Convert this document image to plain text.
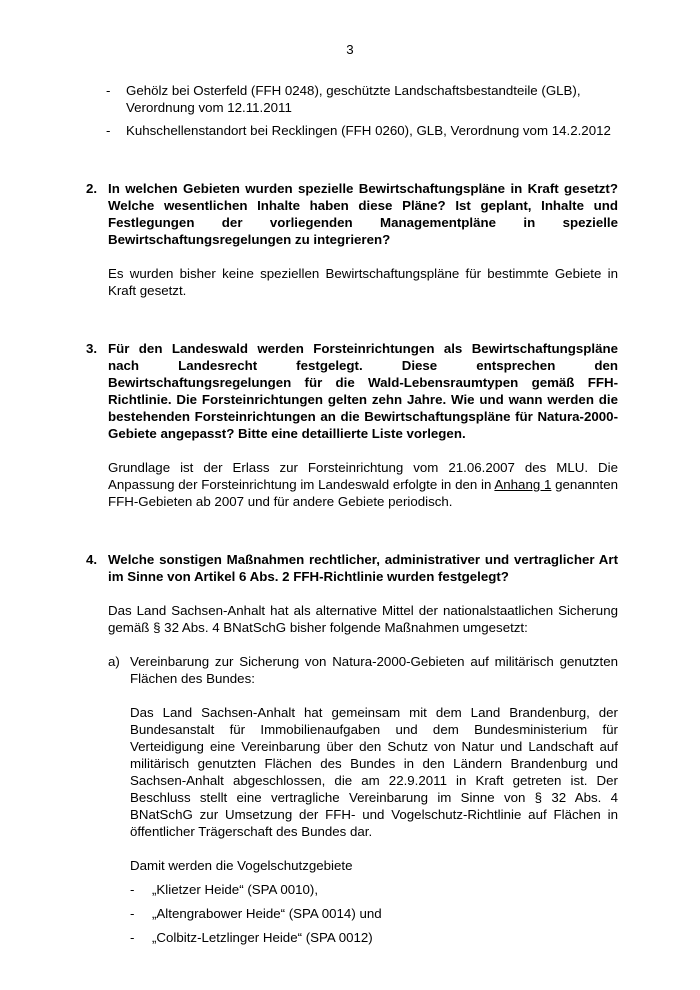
3
- Gehölz bei Osterfeld (FFH 0248), geschützte Landschaftsbestandteile (GLB), Verordnung vom 12.11.2011
- Kuhschellenstandort bei Recklingen (FFH 0260), GLB, Verordnung vom 14.2.2012
2. In welchen Gebieten wurden spezielle Bewirtschaftungspläne in Kraft gesetzt? Welche wesentlichen Inhalte haben diese Pläne? Ist geplant, Inhalte und Festlegungen der vorliegenden Managementpläne in spezielle Bewirtschaftungsregelungen zu integrieren?
Es wurden bisher keine speziellen Bewirtschaftungspläne für bestimmte Gebiete in Kraft gesetzt.
3. Für den Landeswald werden Forsteinrichtungen als Bewirtschaftungspläne nach Landesrecht festgelegt. Diese entsprechen den Bewirtschaftungsregelungen für die Wald-Lebensraumtypen gemäß FFH-Richtlinie. Die Forsteinrichtungen gelten zehn Jahre. Wie und wann werden die bestehenden Forsteinrichtungen an die Bewirtschaftungspläne für Natura-2000-Gebiete angepasst? Bitte eine detaillierte Liste vorlegen.
Grundlage ist der Erlass zur Forsteinrichtung vom 21.06.2007 des MLU. Die Anpassung der Forsteinrichtung im Landeswald erfolgte in den in Anhang 1 genannten FFH-Gebieten ab 2007 und für andere Gebiete periodisch.
4. Welche sonstigen Maßnahmen rechtlicher, administrativer und vertraglicher Art im Sinne von Artikel 6 Abs. 2 FFH-Richtlinie wurden festgelegt?
Das Land Sachsen-Anhalt hat als alternative Mittel der nationalstaatlichen Sicherung gemäß § 32 Abs. 4 BNatSchG bisher folgende Maßnahmen umgesetzt:
a) Vereinbarung zur Sicherung von Natura-2000-Gebieten auf militärisch genutzten Flächen des Bundes:
Das Land Sachsen-Anhalt hat gemeinsam mit dem Land Brandenburg, der Bundesanstalt für Immobilienaufgaben und dem Bundesministerium für Verteidigung eine Vereinbarung über den Schutz von Natur und Landschaft auf militärisch genutzten Flächen des Bundes in den Ländern Brandenburg und Sachsen-Anhalt abgeschlossen, die am 22.9.2011 in Kraft getreten ist. Der Beschluss stellt eine vertragliche Vereinbarung im Sinne von § 32 Abs. 4 BNatSchG zur Umsetzung der FFH- und Vogelschutz-Richtlinie auf Flächen in öffentlicher Trägerschaft des Bundes dar.
Damit werden die Vogelschutzgebiete
- „Klietzer Heide“ (SPA 0010),
- „Altengrabower Heide“ (SPA 0014) und
- „Colbitz-Letzlinger Heide“ (SPA 0012)
